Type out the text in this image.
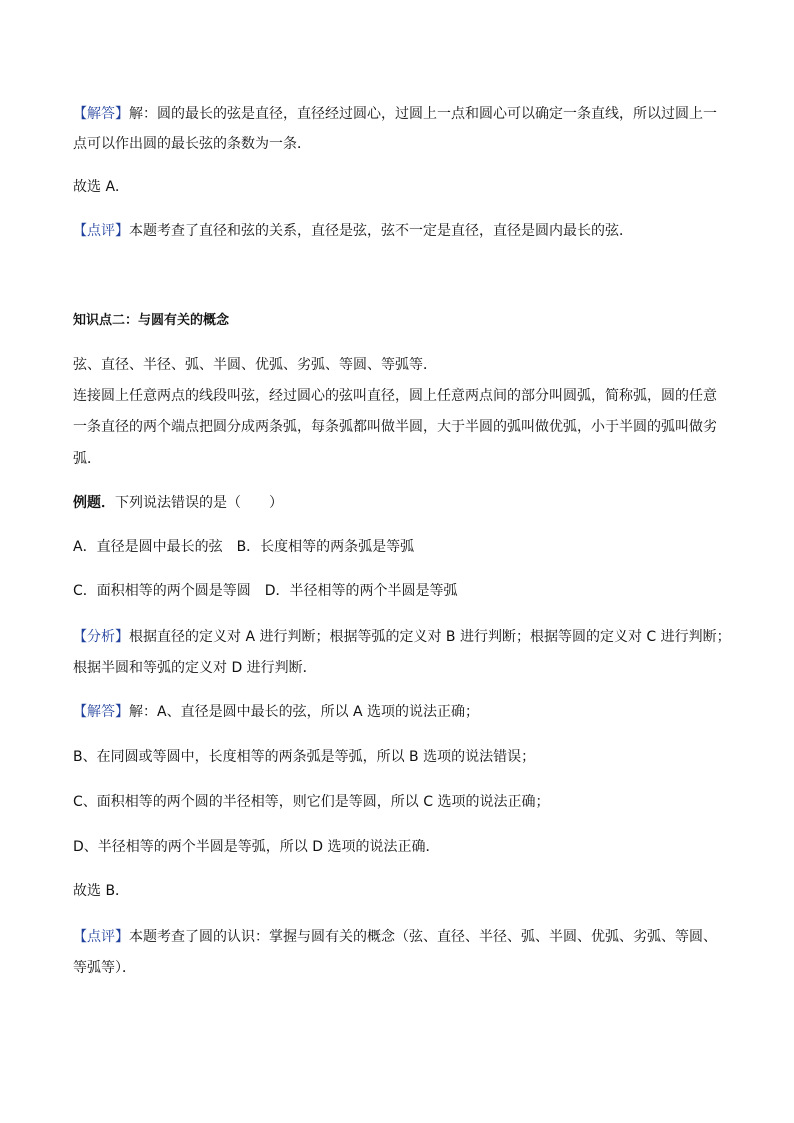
【解答】解：圆的最长的弦是直径，直径经过圆心，过圆上一点和圆心可以确定一条直线，所以过圆上一
点可以作出圆的最长弦的条数为一条．
故选 A．
【点评】本题考查了直径和弦的关系，直径是弦，弦不一定是直径，直径是圆内最长的弦．
知识点二：与圆有关的概念
弦、直径、半径、弧、半圆、优弧、劣弧、等圆、等弧等．
连接圆上任意两点的线段叫弦，经过圆心的弦叫直径，圆上任意两点间的部分叫圆弧，简称弧，圆的任意
一条直径的两个端点把圆分成两条弧，每条弧都叫做半圆，大于半圆的弧叫做优弧，小于半圆的弧叫做劣
弧．
例题．下列说法错误的是（　　）
A．直径是圆中最长的弦 B．长度相等的两条弧是等弧
C．面积相等的两个圆是等圆 D．半径相等的两个半圆是等弧
【分析】根据直径的定义对 A 进行判断；根据等弧的定义对 B 进行判断；根据等圆的定义对 C 进行判断；
根据半圆和等弧的定义对 D 进行判断．
【解答】解：A、直径是圆中最长的弦，所以 A 选项的说法正确；
B、在同圆或等圆中，长度相等的两条弧是等弧，所以 B 选项的说法错误；
C、面积相等的两个圆的半径相等，则它们是等圆，所以 C 选项的说法正确；
D、半径相等的两个半圆是等弧，所以 D 选项的说法正确．
故选 B．
【点评】本题考查了圆的认识：掌握与圆有关的概念（弦、直径、半径、弧、半圆、优弧、劣弧、等圆、
等弧等）．
